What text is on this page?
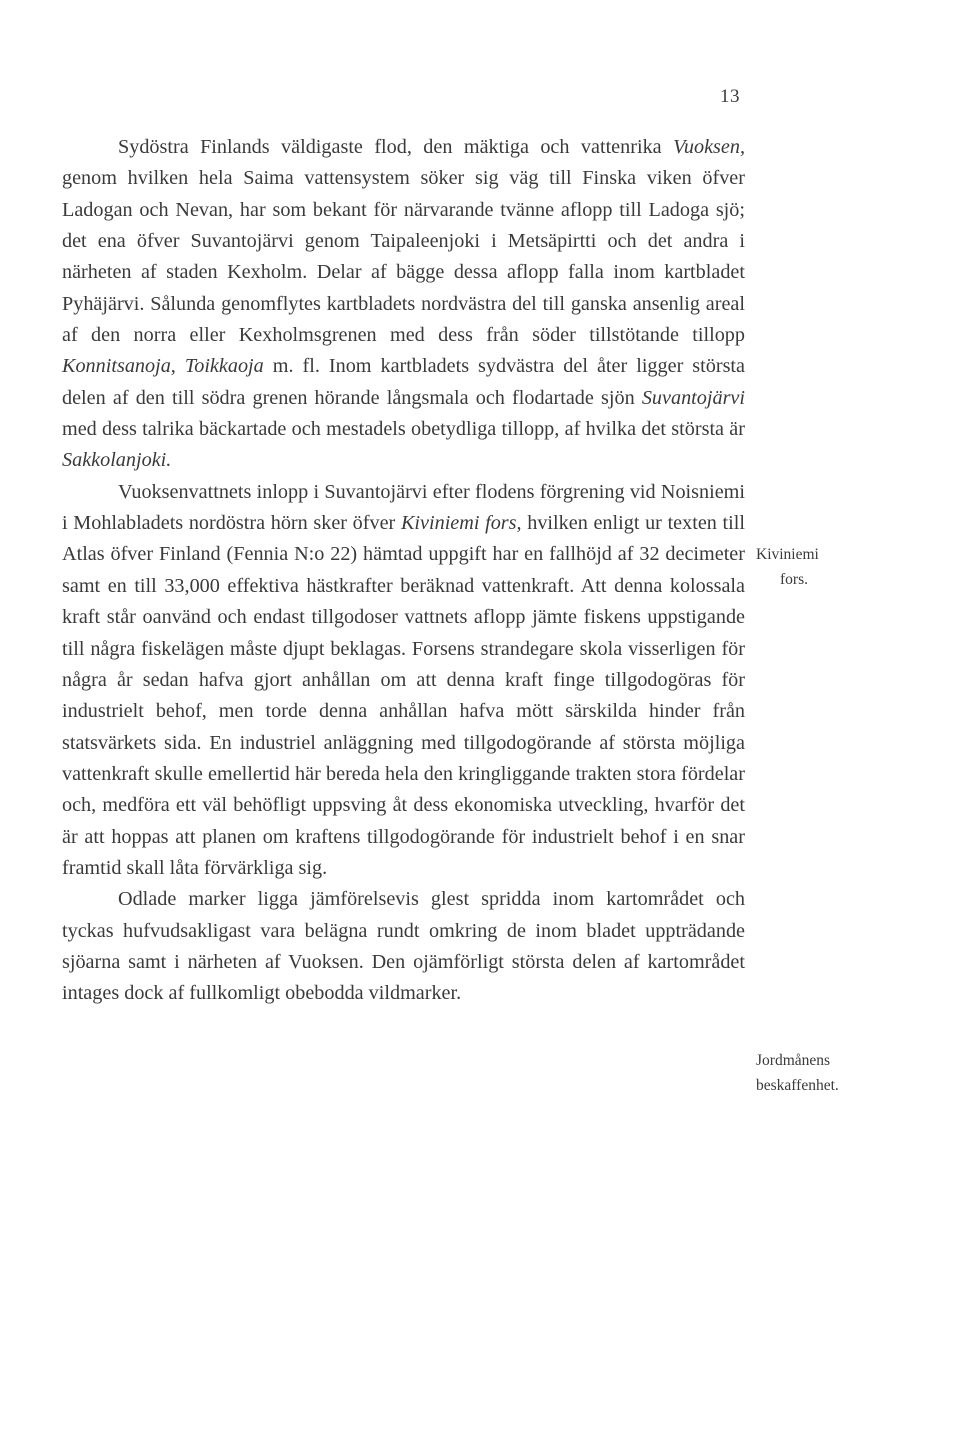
13

Sydöstra Finlands väldigaste flod, den mäktiga och vattenrika Vuoksen, genom hvilken hela Saima vattensystem söker sig väg till Finska viken öfver Ladogan och Nevan, har som bekant för närvarande tvänne aflopp till Ladoga sjö; det ena öfver Suvantojärvi genom Taipaleenjoki i Metsäpirtti och det andra i närheten af staden Kexholm. Delar af bägge dessa aflopp falla inom kartbladet Pyhäjärvi. Sålunda genomflytes kartbladets nordvästra del till ganska ansenlig areal af den norra eller Kexholmsgrenen med dess från söder tillstötande tillopp Konnitsanoja, Toikkaoja m. fl. Inom kartbladets sydvästra del åter ligger största delen af den till södra grenen hörande långsmala och flodartade sjön Suvantojärvi med dess talrika bäckartade och mestadels obetydliga tillopp, af hvilka det största är Sakkolanjoki.

Vuoksenvattnets inlopp i Suvantojärvi efter flodens förgrening vid Noisniemi i Mohlabladets nordöstra hörn sker öfver Kiviniemi fors, hvilken enligt ur texten till Atlas öfver Finland (Fennia N:o 22) hämtad uppgift har en fallhöjd af 32 decimeter samt en till 33,000 effektiva hästkrafter beräknad vattenkraft. Att denna kolossala kraft står oanvänd och endast tillgodoser vattnets aflopp jämte fiskens uppstigande till några fiskelägen måste djupt beklagas. Forsens strandegare skola visserligen för några år sedan hafva gjort anhållan om att denna kraft finge tillgodogöras för industrielt behof, men torde denna anhållan hafva mött särskilda hinder från statsvärkets sida. En industriel anläggning med tillgodogörande af största möjliga vattenkraft skulle emellertid här bereda hela den kringliggande trakten stora fördelar och, medföra ett väl behöfligt uppsving åt dess ekonomiska utveckling, hvarför det är att hoppas att planen om kraftens tillgodogörande för industrielt behof i en snar framtid skall låta förvärkliga sig.

Odlade marker ligga jämförelsevis glest spridda inom kartområdet och tyckas hufvudsakligast vara belägna rundt omkring de inom bladet uppträdande sjöarna samt i närheten af Vuoksen. Den ojämförligt största delen af kartområdet intages dock af fullkomligt obebodda vildmarker.

Kiviniemi
fors.
Jordmånens
beskaffenhet.
